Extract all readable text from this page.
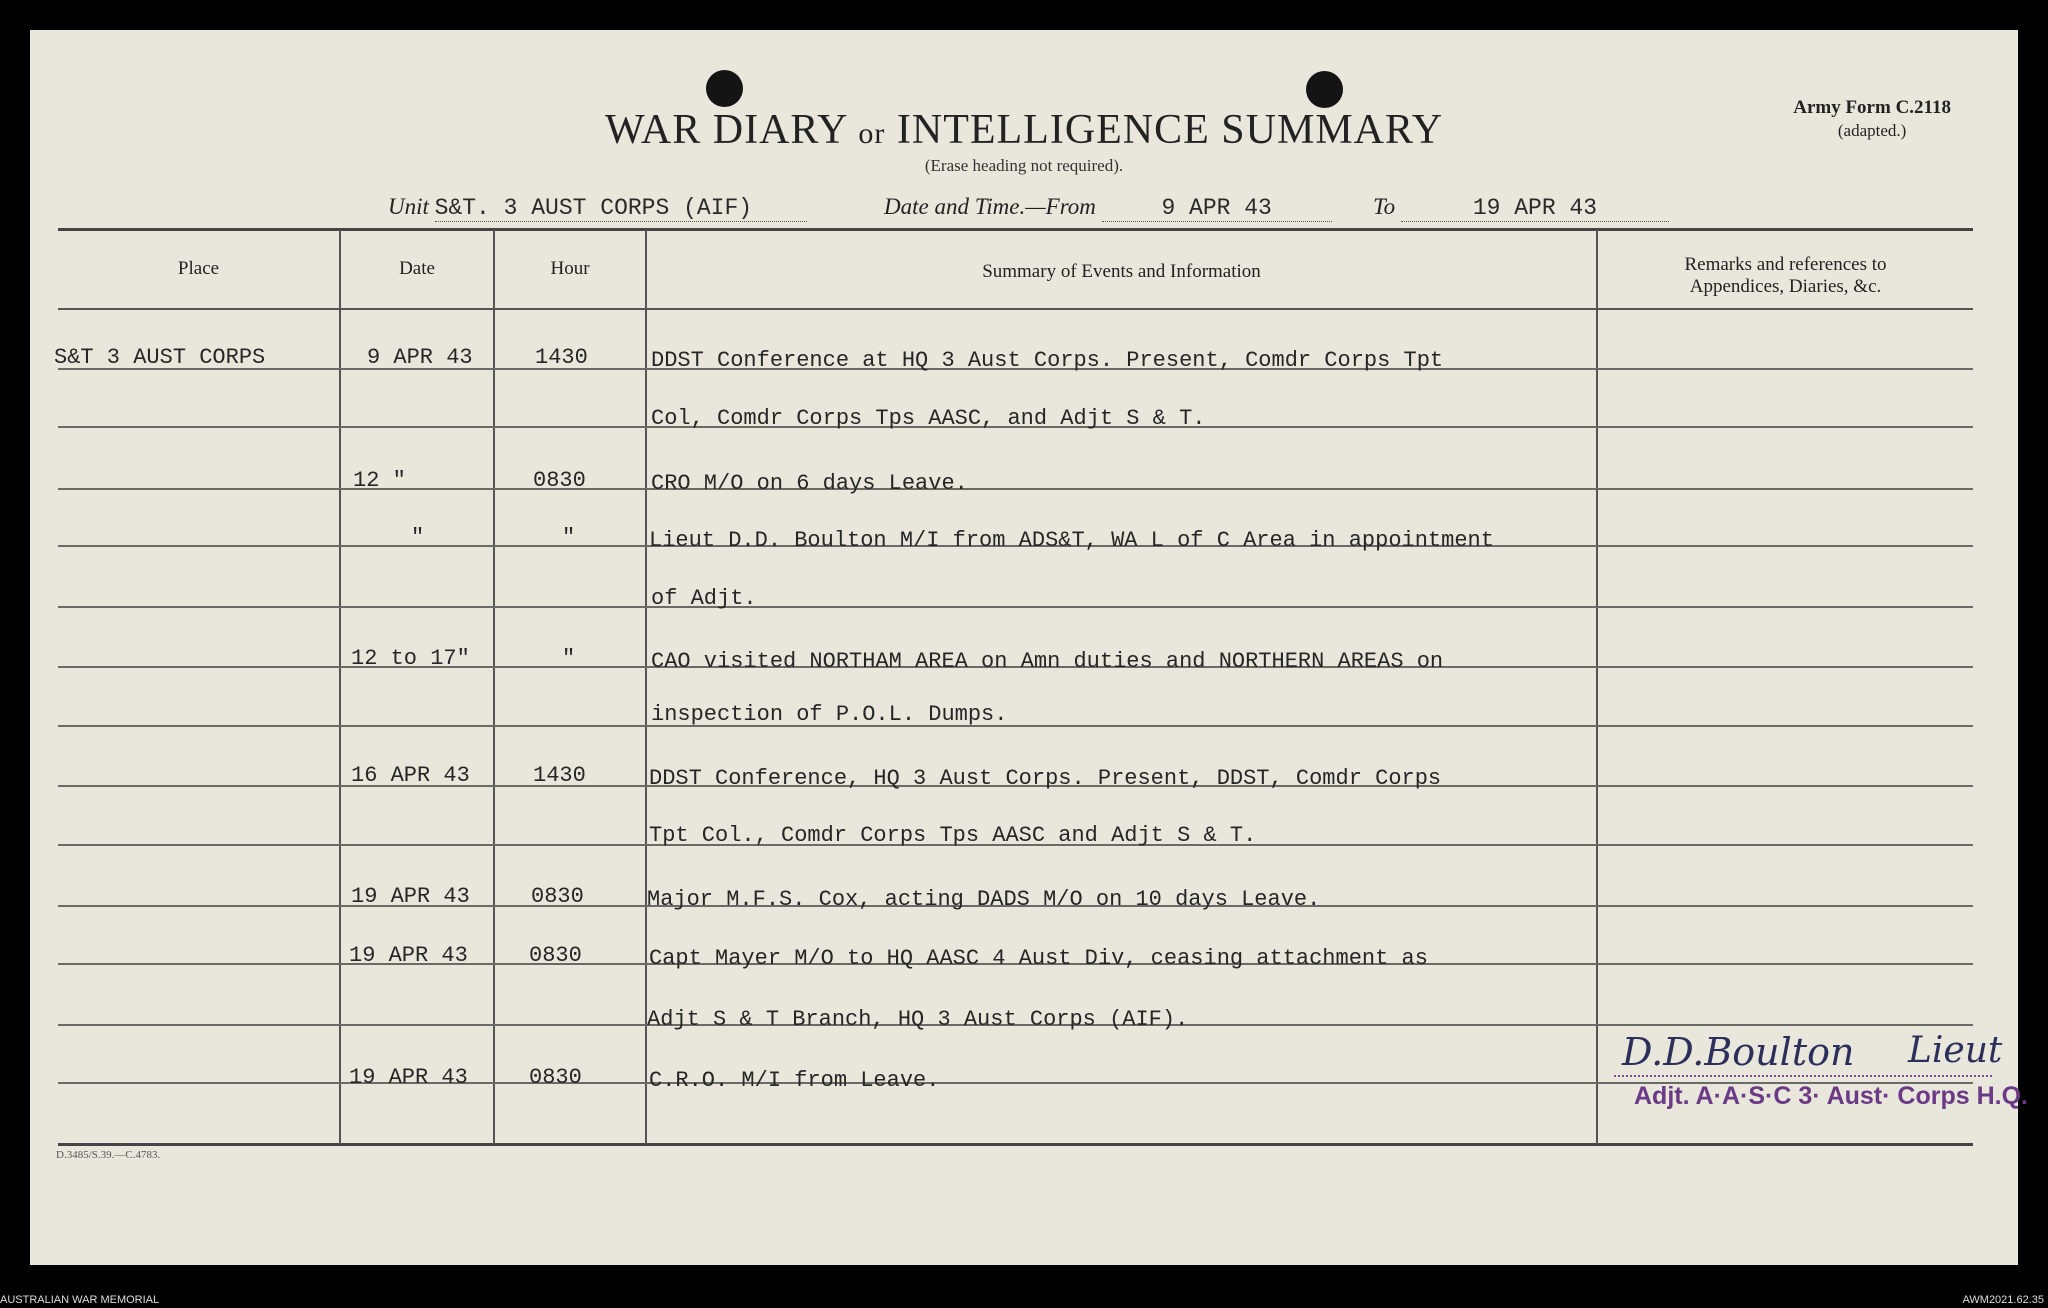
WAR DIARY or INTELLIGENCE SUMMARY
(Erase heading not required).
Army Form C.2118
(adapted.)
Unit S&T. 3 AUST CORPS (AIF)	Date and Time.—From	9 APR 43	To	19 APR 43
Place	Date	Hour	Summary of Events and Information	Remarks and references to
Appendices, Diaries, &c.
S&T 3 AUST CORPS	9 APR 43	1430	DDST Conference at HQ 3 Aust Corps. Present, Comdr Corps Tpt
Col, Comdr Corps Tps AASC, and Adjt S & T.
12 "	0830	CRO M/O on 6 days Leave.
"	"	Lieut D.D. Boulton M/I from ADS&T, WA L of C Area in appointment
of Adjt.
12 to 17"	"	CAO visited NORTHAM AREA on Amn duties and NORTHERN AREAS on
inspection of P.O.L. Dumps.
16 APR 43	1430	DDST Conference, HQ 3 Aust Corps. Present, DDST, Comdr Corps
Tpt Col., Comdr Corps Tps AASC and Adjt S & T.
19 APR 43	0830	Major M.F.S. Cox, acting DADS M/O on 10 days Leave.
19 APR 43	0830	Capt Mayer M/O to HQ AASC 4 Aust Div, ceasing attachment as
Adjt S & T Branch, HQ 3 Aust Corps (AIF).
19 APR 43	0830	C.R.O. M/I from Leave.
D.D.Boulton Lieut
Adjt. A·A·S·C 3· Aust· Corps H.Q.
D.3485/S.39.—C.4783.
AUSTRALIAN WAR MEMORIAL	AWM2021.62.35
